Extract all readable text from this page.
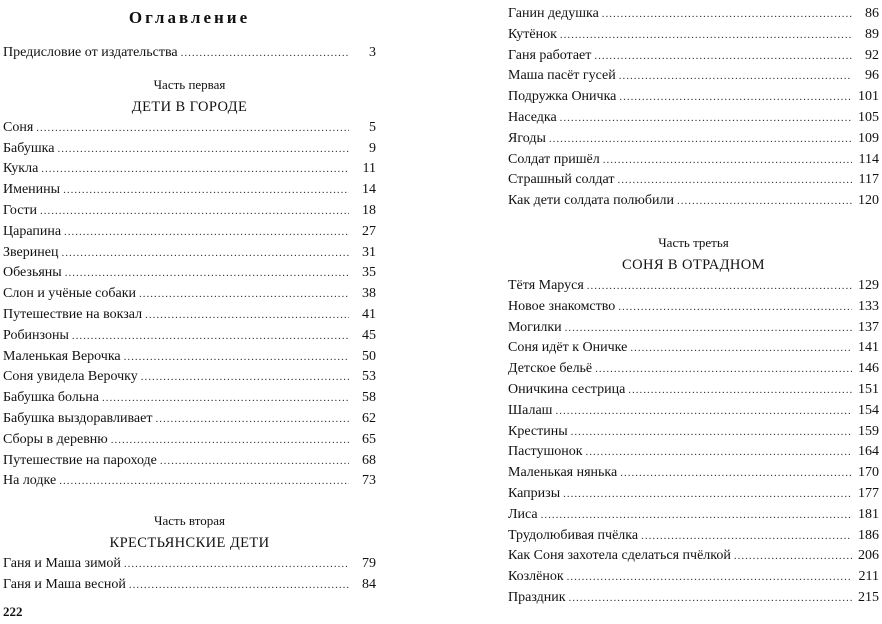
Оглавление
Предисловие от издательства .....	3
Часть первая
ДЕТИ В ГОРОДЕ
Соня .....	5
Бабушка .....	9
Кукла .....	11
Именины .....	14
Гости .....	18
Царапина .....	27
Зверинец .....	31
Обезьяны .....	35
Слон и учёные собаки .....	38
Путешествие на вокзал .....	41
Робинзоны .....	45
Маленькая Верочка .....	50
Соня увидела Верочку .....	53
Бабушка больна .....	58
Бабушка выздоравливает .....	62
Сборы в деревню .....	65
Путешествие на пароходе .....	68
На лодке .....	73
Часть вторая
КРЕСТЬЯНСКИЕ ДЕТИ
Ганя и Маша зимой .....	79
Ганя и Маша весной .....	84
Ганин дедушка .....	86
Кутёнок .....	89
Ганя работает .....	92
Маша пасёт гусей .....	96
Подружка Оничка .....	101
Наседка .....	105
Ягоды .....	109
Солдат пришёл .....	114
Страшный солдат .....	117
Как дети солдата полюбили .....	120
Часть третья
СОНЯ В ОТРАДНОМ
Тётя Маруся .....	129
Новое знакомство .....	133
Могилки .....	137
Соня идёт к Оничке .....	141
Детское бельё .....	146
Оничкина сестрица .....	151
Шалаш .....	154
Крестины .....	159
Пастушонок .....	164
Маленькая нянька .....	170
Капризы .....	177
Лиса .....	181
Трудолюбивая пчёлка .....	186
Как Соня захотела сделаться пчёлкой .....	206
Козлёнок .....	211
Праздник .....	215
222
